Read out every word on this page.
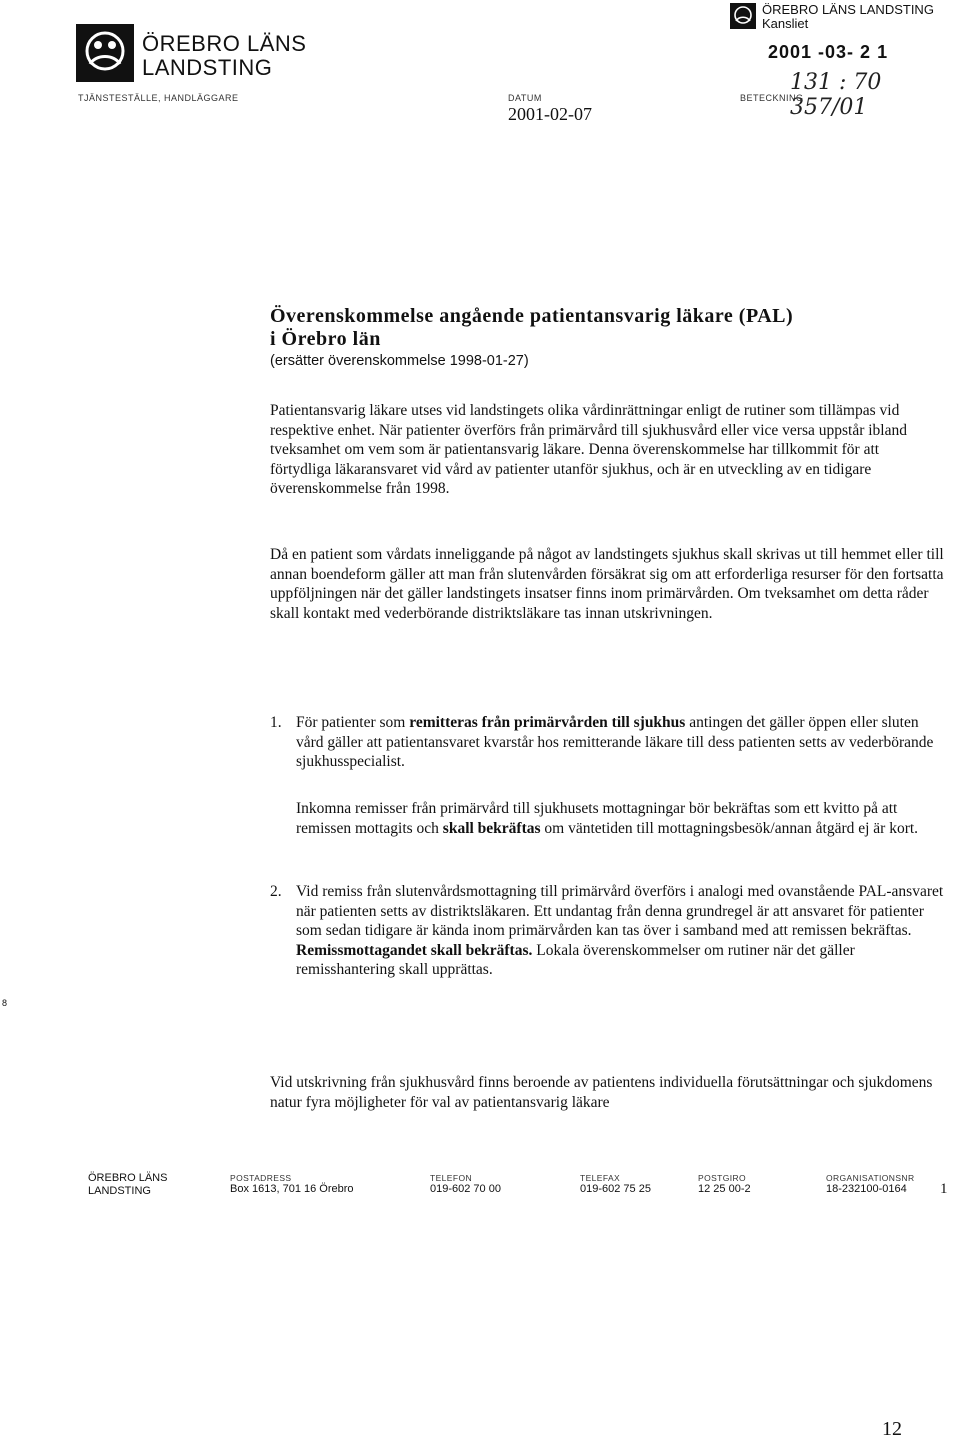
ÖREBRO LÄNS
LANDSTING
ÖREBRO LÄNS LANDSTING
Kansliet
2001 -03- 2 1
131 : 70 357/01
TJÄNSTESTÄLLE, HANDLÄGGARE	DATUM
2001-02-07
BETECKNING
Överenskommelse angående patientansvarig läkare (PAL)
i Örebro län
(ersätter överenskommelse 1998-01-27)

Patientansvarig läkare utses vid landstingets olika vårdinrättningar enligt de rutiner som tillämpas vid respektive enhet. När patienter överförs från primärvård till sjukhusvård eller vice versa uppstår ibland tveksamhet om vem som är patientansvarig läkare. Denna överenskommelse har tillkommit för att förtydliga läkaransvaret vid vård av patienter utanför sjukhus, och är en utveckling av en tidigare överenskommelse från 1998.

Då en patient som vårdats inneliggande på något av landstingets sjukhus skall skrivas ut till hemmet eller till annan boendeform gäller att man från slutenvården försäkrat sig om att erforderliga resurser för den fortsatta uppföljningen när det gäller landstingets insatser finns inom primärvården. Om tveksamhet om detta råder skall kontakt med vederbörande distriktsläkare tas innan utskrivningen.

1. För patienter som remitteras från primärvården till sjukhus antingen det gäller öppen eller sluten vård gäller att patientansvaret kvarstår hos remitterande läkare till dess patienten setts av vederbörande sjukhusspecialist.

Inkomna remisser från primärvård till sjukhusets mottagningar bör bekräftas som ett kvitto på att remissen mottagits och skall bekräftas om väntetiden till mottagningsbesök/annan åtgärd ej är kort.

2. Vid remiss från slutenvårdsmottagning till primärvård överförs i analogi med ovanstående PAL-ansvaret när patienten setts av distriktsläkaren. Ett undantag från denna grundregel är att ansvaret för patienter som sedan tidigare är kända inom primärvården kan tas över i samband med att remissen bekräftas. Remissmottagandet skall bekräftas. Lokala överenskommelser om rutiner när det gäller remisshantering skall upprättas.

8

Vid utskrivning från sjukhusvård finns beroende av patientens individuella förutsättningar och sjukdomens natur fyra möjligheter för val av patientansvarig läkare

ÖREBRO LÄNS
LANDSTING
POSTADRESS
Box 1613, 701 16 Örebro
TELEFON
019-602 70 00
TELEFAX
019-602 75 25
POSTGIRO
12 25 00-2
ORGANISATIONSNR
18-232100-0164	1
12
